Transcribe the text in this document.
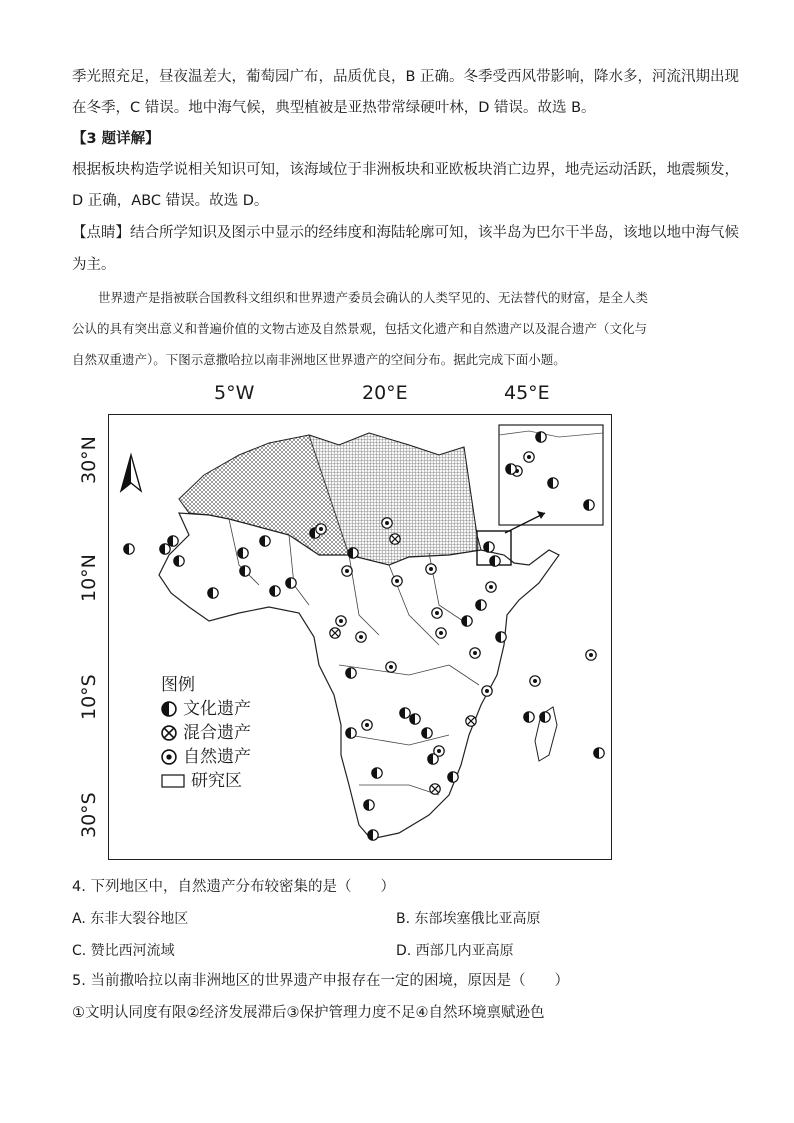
季光照充足，昼夜温差大，葡萄园广布，品质优良，B 正确。冬季受西风带影响，降水多，河流汛期出现
在冬季，C 错误。地中海气候，典型植被是亚热带常绿硬叶林，D 错误。故选 B。
【3 题详解】
根据板块构造学说相关知识可知，该海域位于非洲板块和亚欧板块消亡边界，地壳运动活跃，地震频发，
D 正确，ABC 错误。故选 D。
【点睛】结合所学知识及图示中显示的经纬度和海陆轮廓可知，该半岛为巴尔干半岛，该地以地中海气候
为主。
世界遗产是指被联合国教科文组织和世界遗产委员会确认的人类罕见的、无法替代的财富，是全人类
公认的具有突出意义和普遍价值的文物古迹及自然景观，包括文化遗产和自然遗产以及混合遗产（文化与
自然双重遗产）。下图示意撒哈拉以南非洲地区世界遗产的空间分布。据此完成下面小题。
5°W	20°E	45°E
30°N
10°N
10°S
30°S
图例
文化遗产
混合遗产
自然遗产
研究区
4. 下列地区中，自然遗产分布较密集的是（　　）
A. 东非大裂谷地区	B. 东部埃塞俄比亚高原
C. 赞比西河流域	D. 西部几内亚高原
5. 当前撒哈拉以南非洲地区的世界遗产申报存在一定的困境，原因是（　　）
①文明认同度有限②经济发展滞后③保护管理力度不足④自然环境禀赋逊色
